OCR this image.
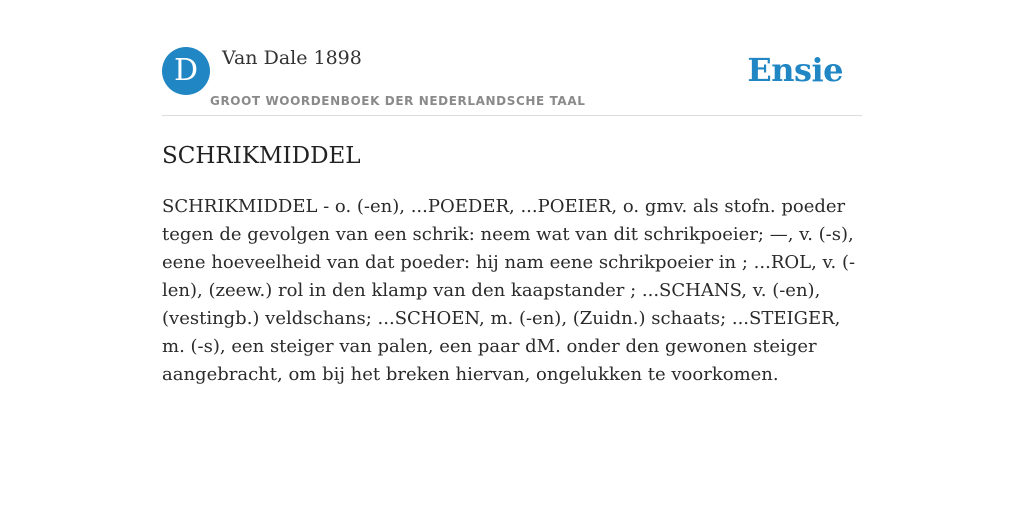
D	Van Dale 1898
GROOT WOORDENBOEK DER NEDERLANDSCHE TAAL
Ensie
SCHRIKMIDDEL

SCHRIKMIDDEL - o. (-en), ...POEDER, ...POEIER, o. gmv. als stofn. poeder tegen de gevolgen van een schrik: neem wat van dit schrikpoeier; —, v. (-s), eene hoeveelheid van dat poeder: hij nam eene schrikpoeier in ; ...ROL, v. (-len), (zeew.) rol in den klamp van den kaapstander ; ...SCHANS, v. (-en), (vestingb.) veldschans; ...SCHOEN, m. (-en), (Zuidn.) schaats; ...STEIGER, m. (-s), een steiger van palen, een paar dM. onder den gewonen steiger aangebracht, om bij het breken hiervan, ongelukken te voorkomen.
